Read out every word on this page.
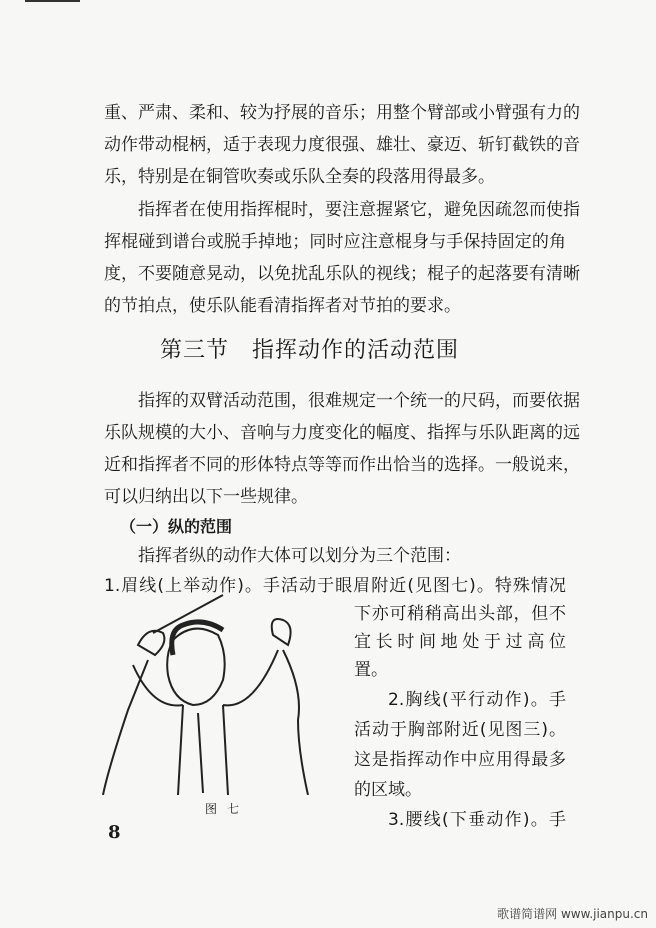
重、严肃、柔和、较为抒展的音乐；用整个臂部或小臂强有力的
动作带动棍柄，适于表现力度很强、雄壮、豪迈、斩钉截铁的音
乐，特别是在铜管吹奏或乐队全奏的段落用得最多。
指挥者在使用指挥棍时，要注意握紧它，避免因疏忽而使指
挥棍碰到谱台或脱手掉地；同时应注意棍身与手保持固定的角
度，不要随意晃动，以免扰乱乐队的视线；棍子的起落要有清晰
的节拍点，使乐队能看清指挥者对节拍的要求。
第三节　指挥动作的活动范围
指挥的双臂活动范围，很难规定一个统一的尺码，而要依据
乐队规模的大小、音响与力度变化的幅度、指挥与乐队距离的远
近和指挥者不同的形体特点等等而作出恰当的选择。一般说来，
可以归纳出以下一些规律。
（一）纵的范围
指挥者纵的动作大体可以划分为三个范围：
1.眉线(上举动作)。手活动于眼眉附近(见图七)。特殊情况
下亦可稍稍高出头部，但不
宜长时间地处于过高位
置。
2.胸线(平行动作)。手
活动于胸部附近(见图三)。
这是指挥动作中应用得最多
的区域。
3.腰线(下垂动作)。手
图七
8
歌谱简谱网 www.jianpu.cn
